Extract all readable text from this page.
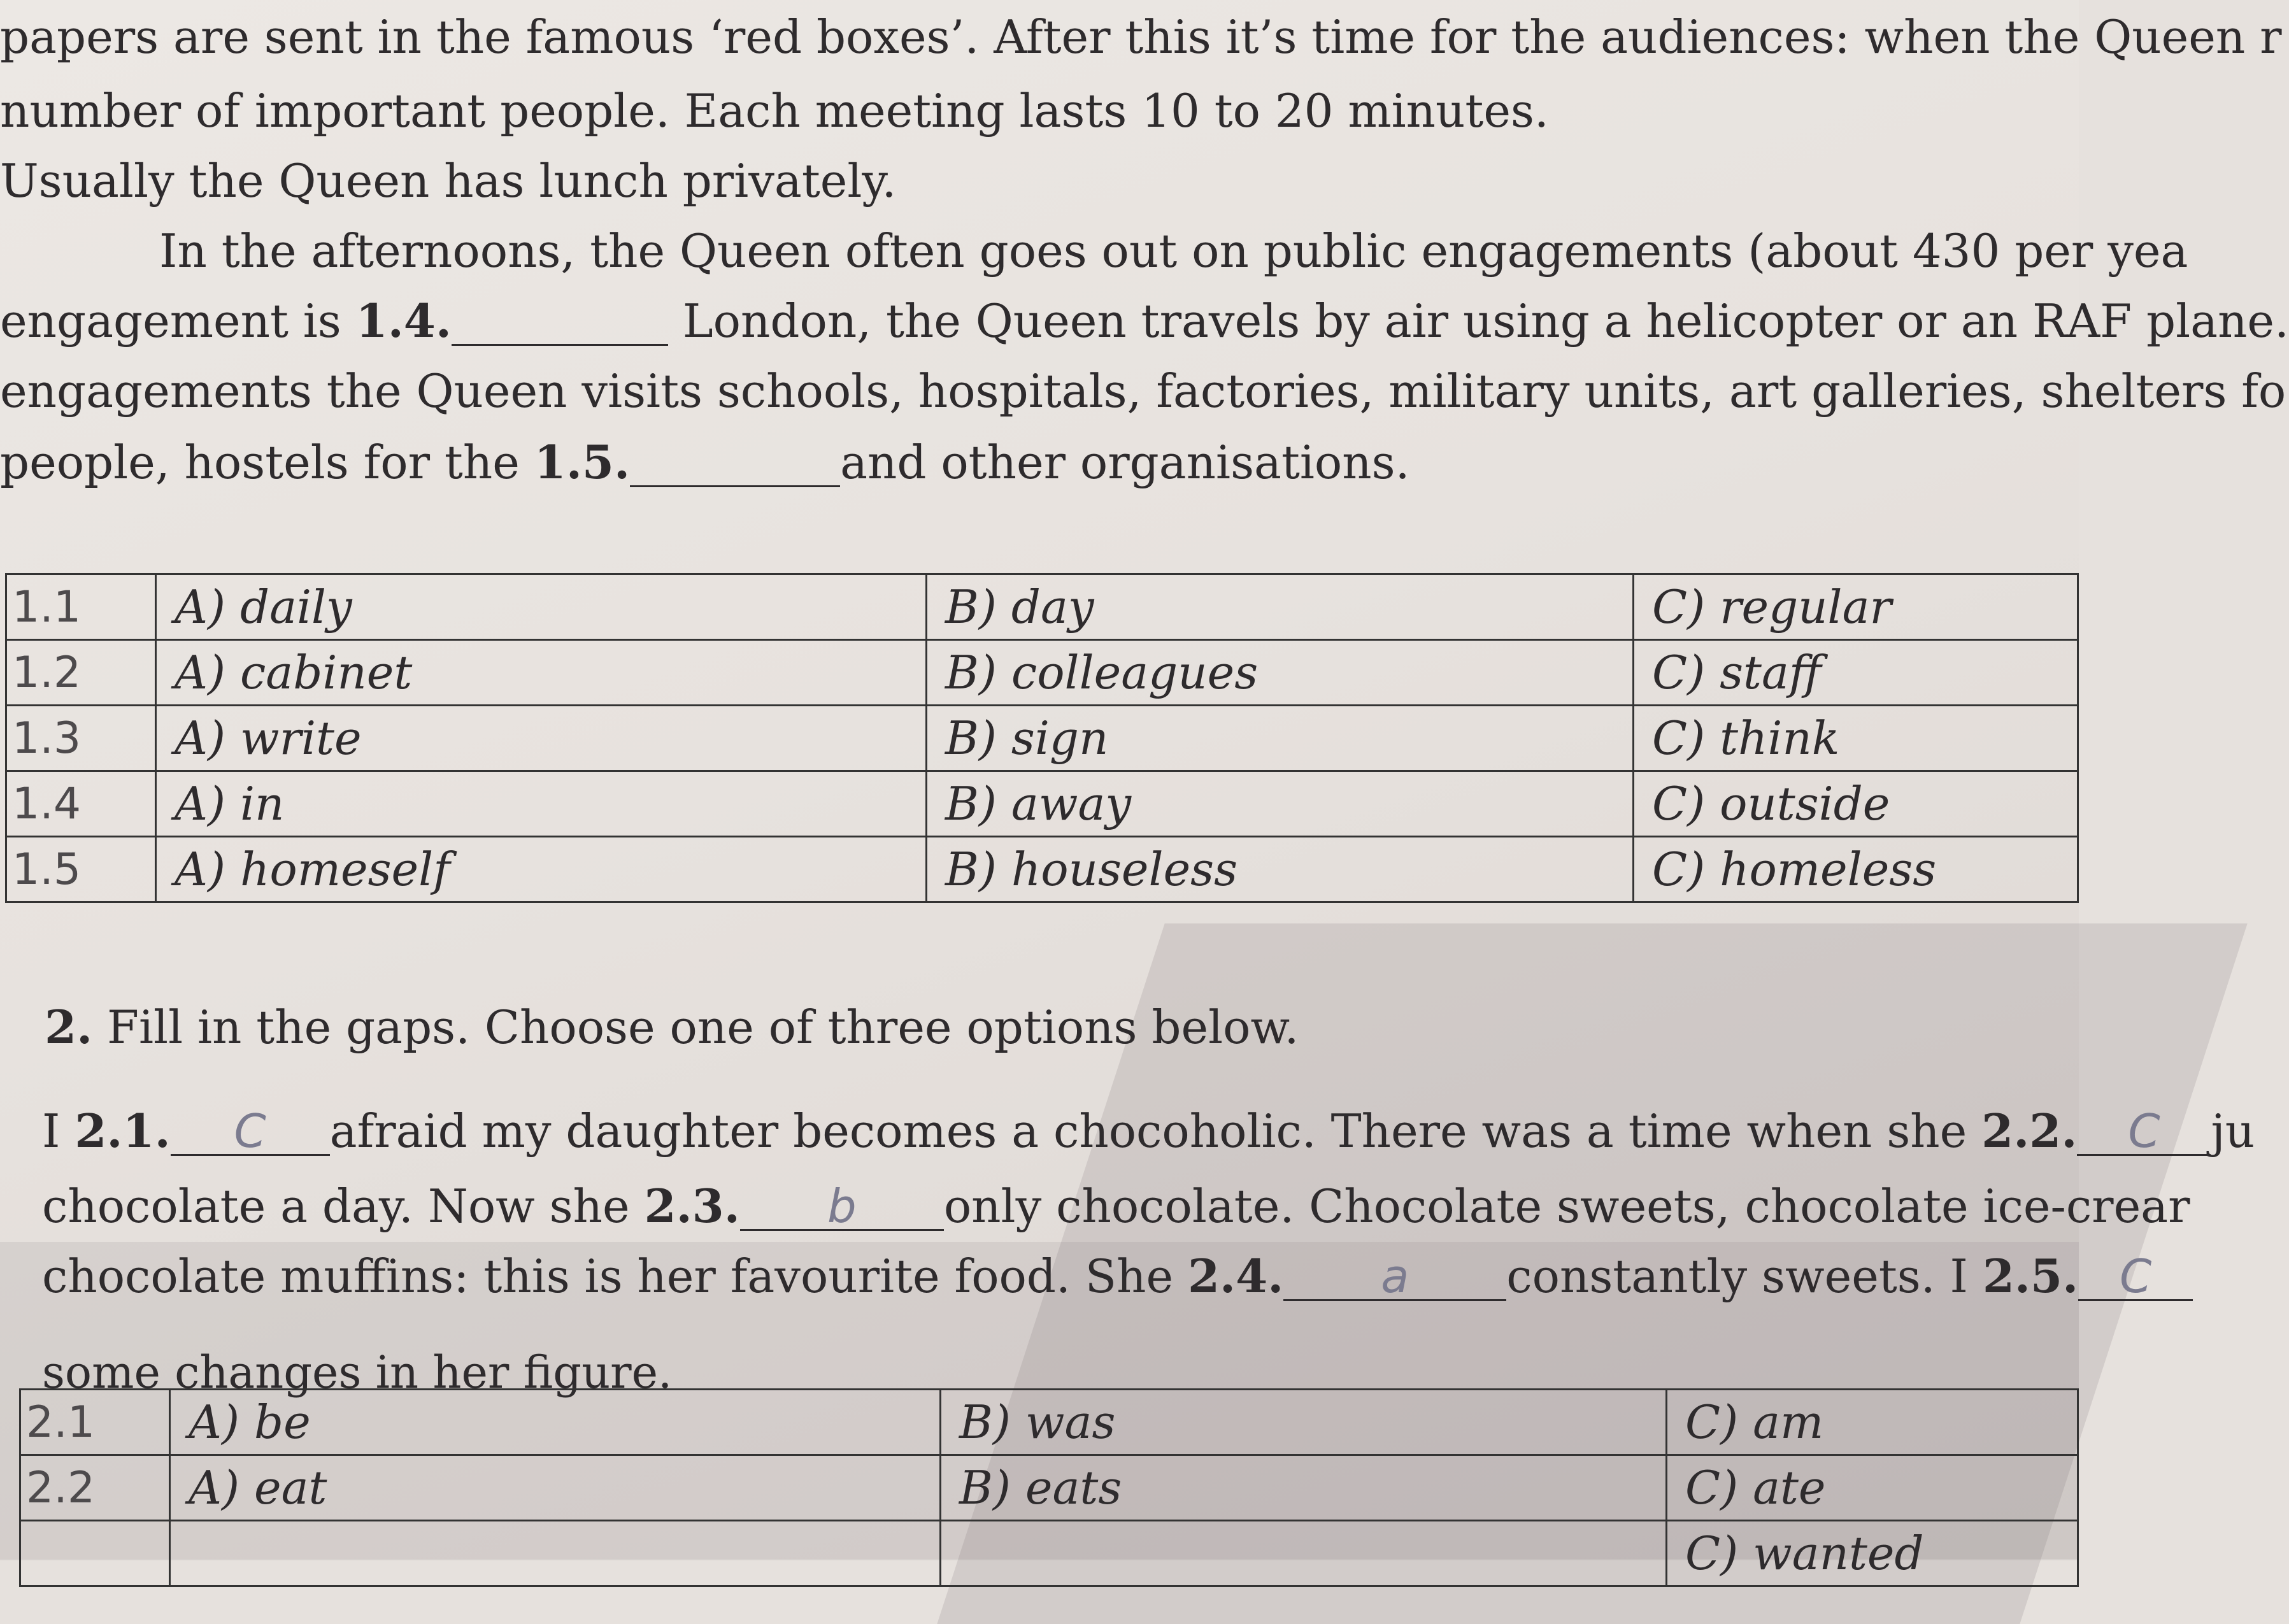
papers are sent in the famous ‘red boxes’. After this it’s time for the audiences: when the Queen r
number of important people. Each meeting lasts 10 to 20 minutes.
Usually the Queen has lunch privately.
In the afternoons, the Queen often goes out on public engagements (about 430 per yea
engagement is 1.4.	London, the Queen travels by air using a helicopter or an RAF plane.
engagements the Queen visits schools, hospitals, factories, military units, art galleries, shelters fo
people, hostels for the 1.5.	and other organisations.
1.1	A) daily	B) day	C) regular
1.2	A) cabinet	B) colleagues	C) staff
1.3	A) write	B) sign	C) think
1.4	A) in	B) away	C) outside
1.5	A) homeself	B) houseless	C) homeless
2. Fill in the gaps. Choose one of three options below.
I 2.1. C afraid my daughter becomes a chocoholic. There was a time when she 2.2. C ju
chocolate a day. Now she 2.3. b only chocolate. Chocolate sweets, chocolate ice-crear
chocolate muffins: this is her favourite food. She 2.4. a constantly sweets. I 2.5. C
some changes in her figure.
2.1	A) be	B) was	C) am
2.2	A) eat	B) eats	C) ate
			C) wanted
